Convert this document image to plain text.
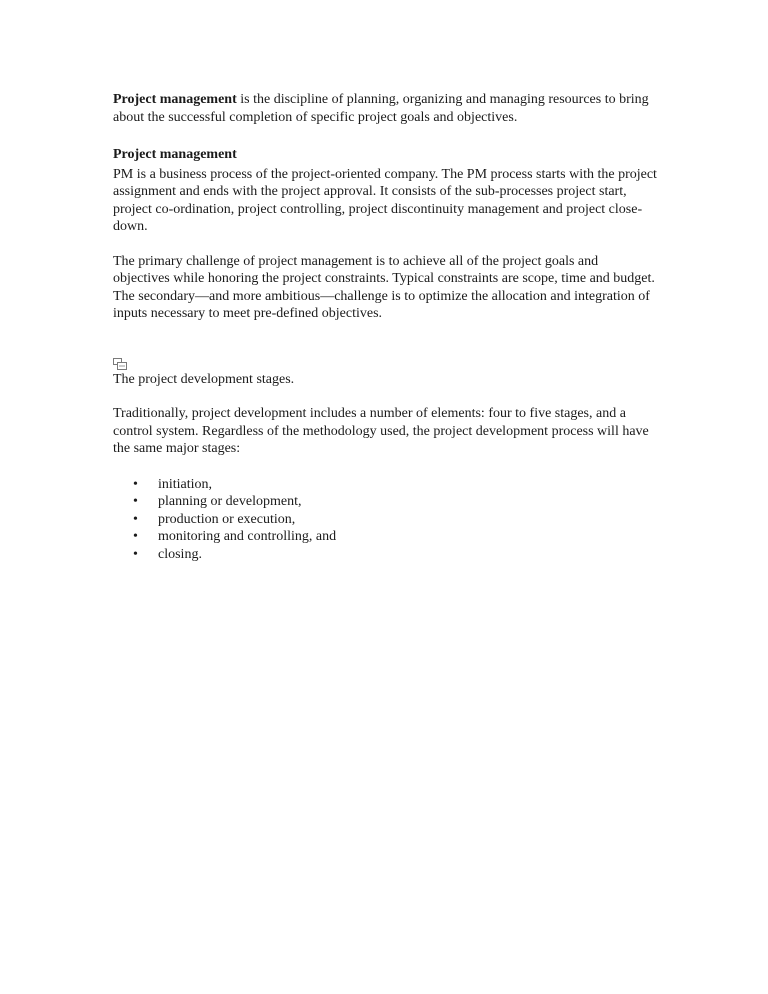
Project management is the discipline of planning, organizing and managing resources to bring about the successful completion of specific project goals and objectives.

Project management

PM is a business process of the project-oriented company. The PM process starts with the project assignment and ends with the project approval. It consists of the sub-processes project start, project co-ordination, project controlling, project discontinuity management and project close-down.

The primary challenge of project management is to achieve all of the project goals and objectives while honoring the project constraints. Typical constraints are scope, time and budget. The secondary—and more ambitious—challenge is to optimize the allocation and integration of inputs necessary to meet pre-defined objectives.

The project development stages.

Traditionally, project development includes a number of elements: four to five stages, and a control system. Regardless of the methodology used, the project development process will have the same major stages:

• initiation,
• planning or development,
• production or execution,
• monitoring and controlling, and
• closing.
